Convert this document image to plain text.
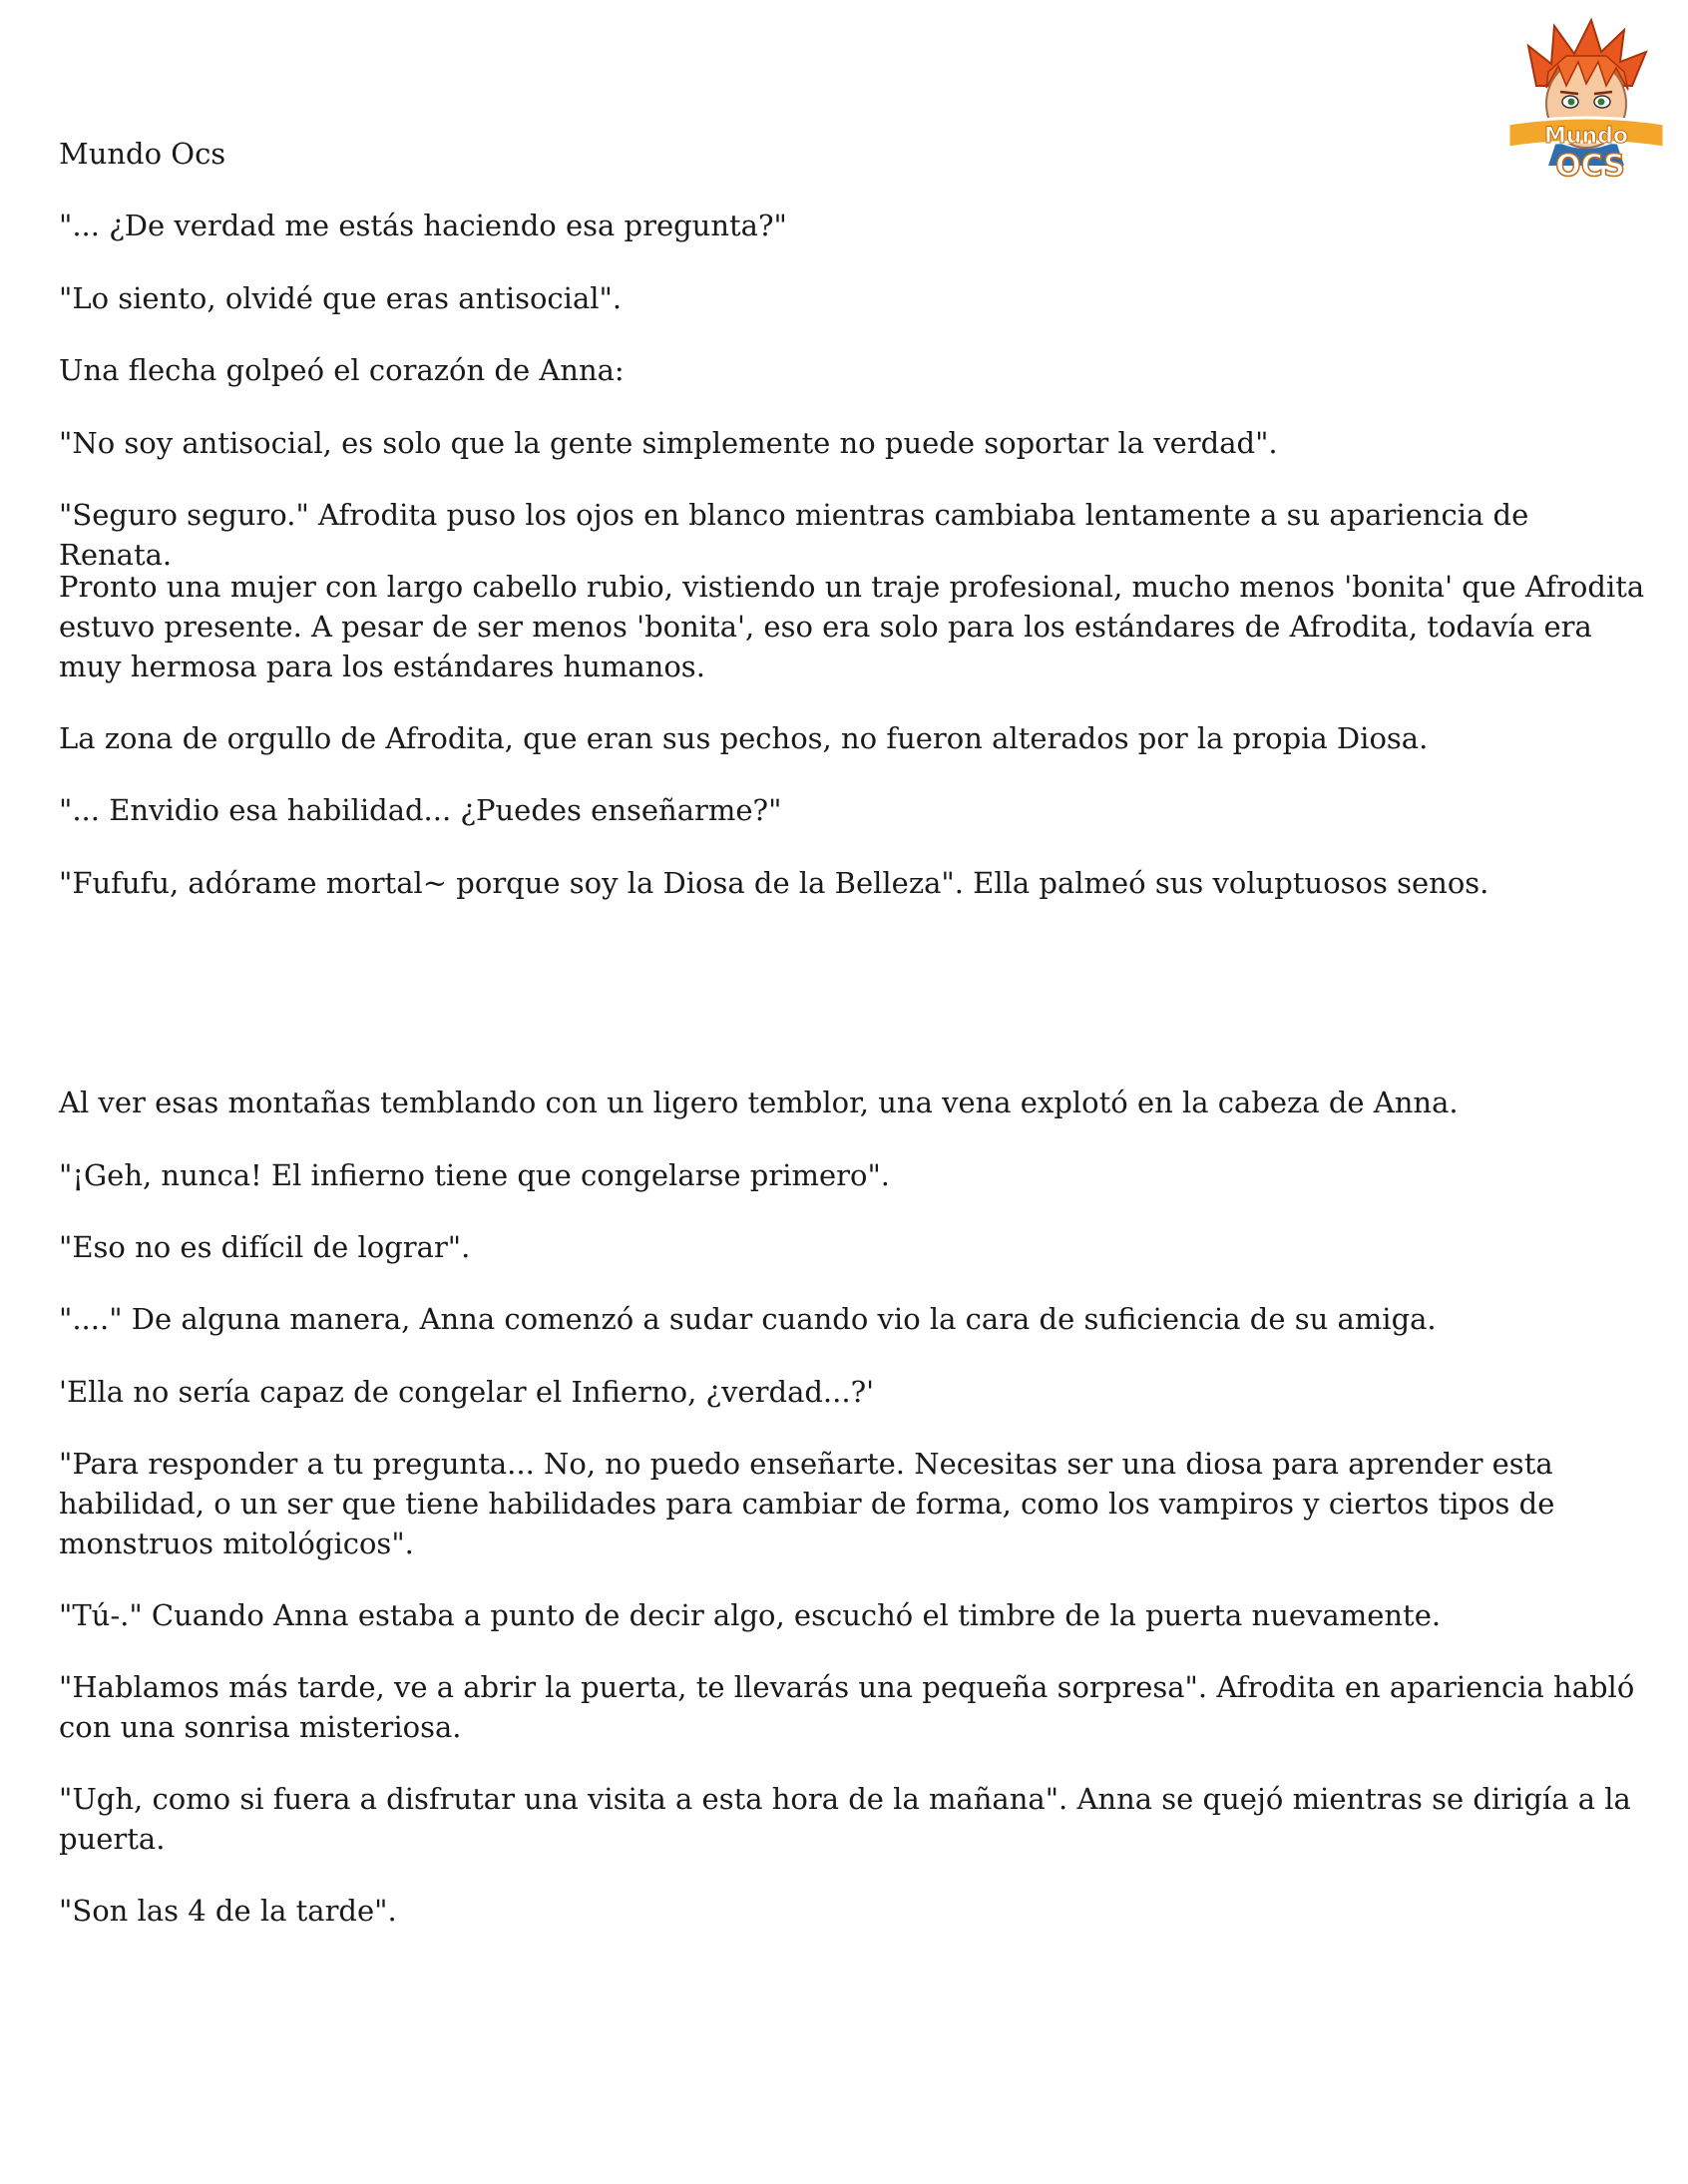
Mundo
OCS
Mundo Ocs

"... ¿De verdad me estás haciendo esa pregunta?"

"Lo siento, olvidé que eras antisocial".

Una flecha golpeó el corazón de Anna:

"No soy antisocial, es solo que la gente simplemente no puede soportar la verdad".

"Seguro seguro." Afrodita puso los ojos en blanco mientras cambiaba lentamente a su apariencia de Renata.

Pronto una mujer con largo cabello rubio, vistiendo un traje profesional, mucho menos 'bonita' que Afrodita estuvo presente. A pesar de ser menos 'bonita', eso era solo para los estándares de Afrodita, todavía era muy hermosa para los estándares humanos.

La zona de orgullo de Afrodita, que eran sus pechos, no fueron alterados por la propia Diosa.

"... Envidio esa habilidad... ¿Puedes enseñarme?"

"Fufufu, adórame mortal~ porque soy la Diosa de la Belleza". Ella palmeó sus voluptuosos senos.

Al ver esas montañas temblando con un ligero temblor, una vena explotó en la cabeza de Anna.

"¡Geh, nunca! El infierno tiene que congelarse primero".

"Eso no es difícil de lograr".

"...." De alguna manera, Anna comenzó a sudar cuando vio la cara de suficiencia de su amiga.

'Ella no sería capaz de congelar el Infierno, ¿verdad...?'

"Para responder a tu pregunta... No, no puedo enseñarte. Necesitas ser una diosa para aprender esta habilidad, o un ser que tiene habilidades para cambiar de forma, como los vampiros y ciertos tipos de monstruos mitológicos".

"Tú-." Cuando Anna estaba a punto de decir algo, escuchó el timbre de la puerta nuevamente.

"Hablamos más tarde, ve a abrir la puerta, te llevarás una pequeña sorpresa". Afrodita en apariencia habló con una sonrisa misteriosa.

"Ugh, como si fuera a disfrutar una visita a esta hora de la mañana". Anna se quejó mientras se dirigía a la puerta.

"Son las 4 de la tarde".
